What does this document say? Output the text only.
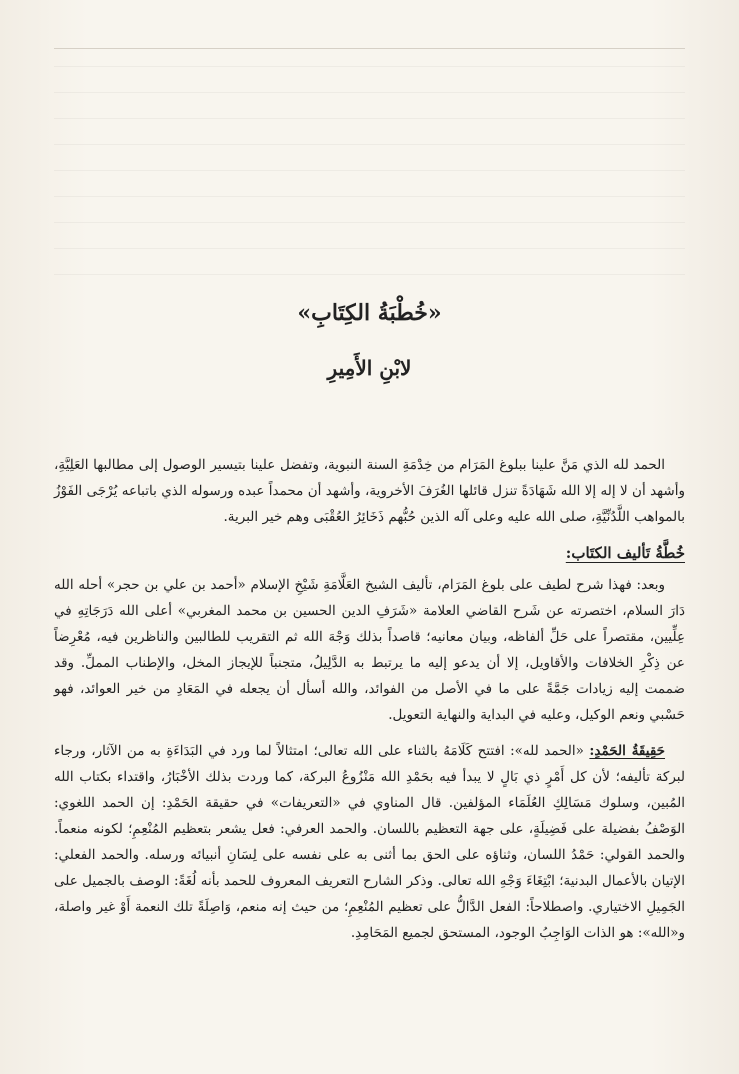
«خُطْبَةُ الكِتَابِ»
لابْنِ الأَمِيرِ

الحمد لله الذي مَنَّ علينا ببلوغ المَرَام من خِدْمَةِ السنة النبوية، وتفضل علينا بتيسير الوصول إلى مطالبها العَلِيَّةِ، وأشهد أن لا إله إلا الله شَهَادَةً تنزل قائلها الغُرَفَ الأخروية، وأشهد أن محمداً عبده ورسوله الذي باتباعه يُرْجَى الفَوْزُ بالمواهب اللَّدُنِّيَّةِ، صلى الله عليه وعلى آله الذين حُبُّهم ذَخَائِرُ العُقْبَى وهم خير البرية.

خُطَّةُ تَأليف الكتَاب:

وبعد: فهذا شرح لطيف على بلوغ المَرَام، تأليف الشيخ العَلَّامَةِ شَيْخِ الإسلام «أحمد بن علي بن حجر» أحله الله دَارَ السلام، اختصرته عن شَرح القاضي العلامة «شَرَفِ الدين الحسين بن محمد المغربي» أعلى الله دَرَجَاتِهِ في عِلِّيين، مقتصراً على حَلِّ ألفاظه، وبيان معانيه؛ قاصداً بذلك وَجْهَ الله ثم التقريب للطالبين والناظرين فيه، مُعْرِضاً عن ذِكْرِ الخلافات والأقاويل، إلا أن يدعو إليه ما يرتبط به الدَّلِيلُ، متجنباً للإيجاز المخل، والإطناب المملِّ. وقد ضممت إليه زيادات جَمَّةً على ما في الأصل من الفوائد، والله أسأل أن يجعله في المَعَادِ من خير العوائد، فهو حَسْبي ونعم الوكيل، وعليه في البداية والنهاية التعويل.

حَقِيقَةُ الحَمْدِ: «الحمد لله»: افتتح كَلَامَهُ بالثناء على الله تعالى؛ امتثالاً لما ورد في البَدَاءَةِ به من الآثار، ورجاء لبركة تأليفه؛ لأن كل أَمْرٍ ذي بَالٍ لا يبدأ فيه بحَمْدِ الله مَنْزُوعُ البركة، كما وردت بذلك الأخْبَارُ، واقتداء بكتاب الله المُبين، وسلوك مَسَالِكِ العُلَمَاء المؤلفين. قال المناوي في «التعريفات» في حقيقة الحَمْدِ: إن الحمد اللغوي: الوَصْفُ بفضيلة على فَضِيلَةٍ، على جهة التعظيم باللسان. والحمد العرفي: فعل يشعر بتعظيم المُنْعِمِ؛ لكونه منعماً. والحمد القولي: حَمْدُ اللسان، وثناؤه على الحق بما أثنى به على نفسه على لِسَانِ أنبيائه ورسله. والحمد الفعلي: الإتيان بالأعمال البدنية؛ ابْتِغَاءَ وَجْهِ الله تعالى. وذكر الشارح التعريف المعروف للحمد بأنه لُغَةً: الوصف بالجميل على الجَمِيلِ الاختياري. واصطلاحاً: الفعل الدَّالُّ على تعظيم المُنْعِمِ؛ من حيث إنه منعم، وَاصِلَةً تلك النعمة أَوْ غير واصلة، و«الله»: هو الذات الوَاجِبُ الوجود، المستحق لجميع المَحَامِدِ.
